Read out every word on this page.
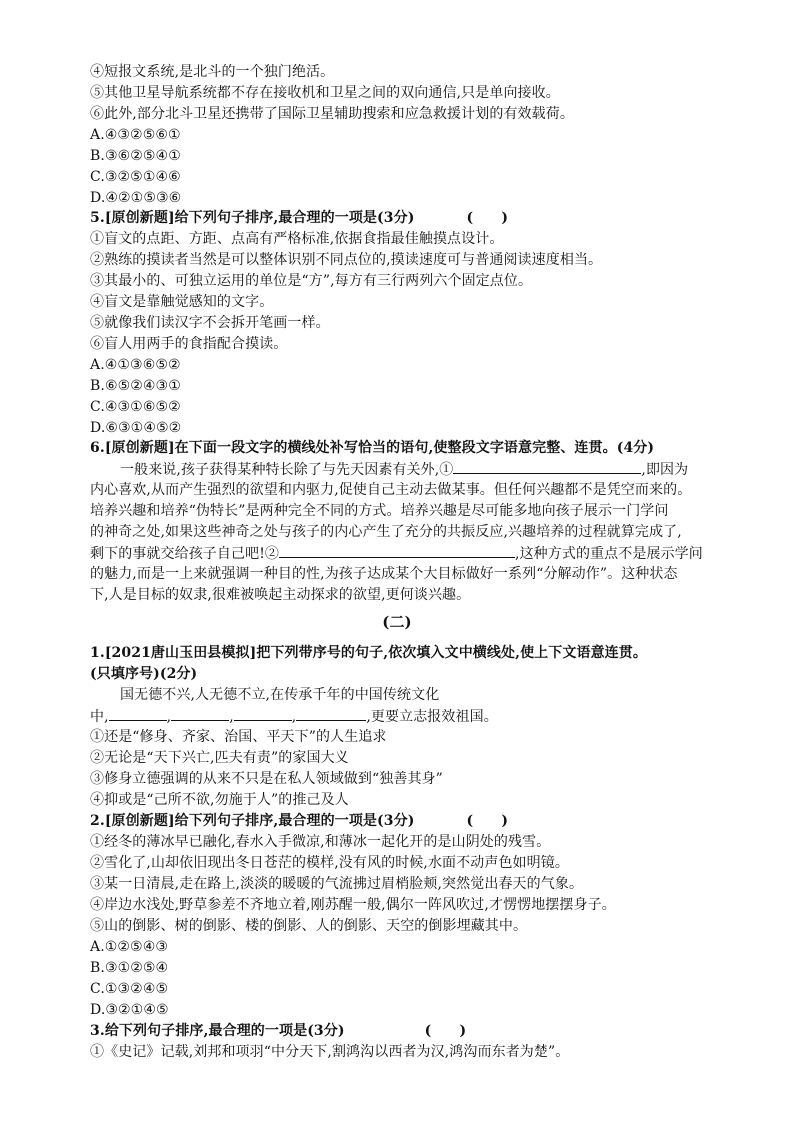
④短报文系统,是北斗的一个独门绝活。
⑤其他卫星导航系统都不存在接收机和卫星之间的双向通信,只是单向接收。
⑥此外,部分北斗卫星还携带了国际卫星辅助搜索和应急救援计划的有效载荷。
A.④③②⑤⑥①
B.③⑥②⑤④①
C.③②⑤①④⑥
D.④②①⑤③⑥
5.[原创新题]给下列句子排序,最合理的一项是(3分)	(　　)
①盲文的点距、方距、点高有严格标准,依据食指最佳触摸点设计。
②熟练的摸读者当然是可以整体识别不同点位的,摸读速度可与普通阅读速度相当。
③其最小的、可独立运用的单位是“方”,每方有三行两列六个固定点位。
④盲文是靠触觉感知的文字。
⑤就像我们读汉字不会拆开笔画一样。
⑥盲人用两手的食指配合摸读。
A.④①③⑥⑤②
B.⑥⑤②④③①
C.④③①⑥⑤②
D.⑥③①④⑤②
6.[原创新题]在下面一段文字的横线处补写恰当的语句,使整段文字语意完整、连贯。(4分)
一般来说,孩子获得某种特长除了与先天因素有关外,①	,即因为
内心喜欢,从而产生强烈的欲望和内驱力,促使自己主动去做某事。但任何兴趣都不是凭空而来的。
培养兴趣和培养“伪特长”是两种完全不同的方式。培养兴趣是尽可能多地向孩子展示一门学问
的神奇之处,如果这些神奇之处与孩子的内心产生了充分的共振反应,兴趣培养的过程就算完成了,
剩下的事就交给孩子自己吧!②	,这种方式的重点不是展示学问
的魅力,而是一上来就强调一种目的性,为孩子达成某个大目标做好一系列“分解动作”。这种状态
下,人是目标的奴隶,很难被唤起主动探求的欲望,更何谈兴趣。
(二)
1.[2021唐山玉田县模拟]把下列带序号的句子,依次填入文中横线处,使上下文语意连贯。
(只填序号)(2分)
国无德不兴,人无德不立,在传承千年的中国传统文化
中,	,	,	,	,更要立志报效祖国。
①还是“修身、齐家、治国、平天下”的人生追求
②无论是“天下兴亡,匹夫有责”的家国大义
③修身立德强调的从来不只是在私人领域做到“独善其身”
④抑或是“己所不欲,勿施于人”的推己及人
2.[原创新题]给下列句子排序,最合理的一项是(3分)	(　　)
①经冬的薄冰早已融化,春水入手微凉,和薄冰一起化开的是山阴处的残雪。
②雪化了,山却依旧现出冬日苍茫的模样,没有风的时候,水面不动声色如明镜。
③某一日清晨,走在路上,淡淡的暖暖的气流拂过眉梢脸颊,突然觉出春天的气象。
④岸边水浅处,野草参差不齐地立着,刚苏醒一般,偶尔一阵风吹过,才愣愣地摆摆身子。
⑤山的倒影、树的倒影、楼的倒影、人的倒影、天空的倒影埋藏其中。
A.①②⑤④③
B.③①②⑤④
C.①③②④⑤
D.③②①④⑤
3.给下列句子排序,最合理的一项是(3分)	(　　)
①《史记》记载,刘邦和项羽“中分天下,割鸿沟以西者为汉,鸿沟而东者为楚”。
